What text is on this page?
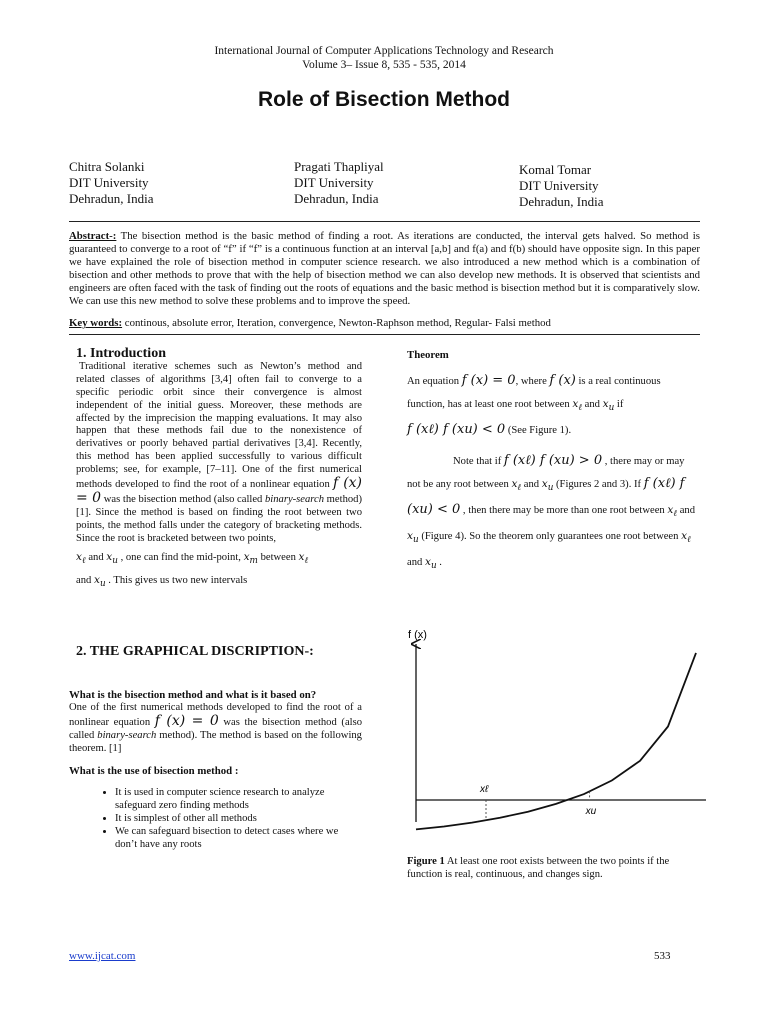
International Journal of Computer Applications Technology and Research
Volume 3– Issue 8, 535 - 535, 2014
Role of Bisection Method
Chitra Solanki
DIT University
Dehradun, India
Pragati Thapliyal
DIT University
Dehradun, India
Komal Tomar
DIT University
Dehradun, India
Abstract-: The bisection method is the basic method of finding a root. As iterations are conducted, the interval gets halved. So method is guaranteed to converge to a root of “f” if “f” is a continuous function at an interval [a,b] and f(a) and f(b) should have opposite sign. In this paper we have explained the role of bisection method in computer science research. we also introduced a new method which is a combination of bisection and other methods to prove that with the help of bisection method we can also develop new methods. It is observed that scientists and engineers are often faced with the task of finding out the roots of equations and the basic method is bisection method but it is comparatively slow. We can use this new method to solve these problems and to improve the speed.
Key words: continous, absolute error, Iteration, convergence, Newton-Raphson method, Regular- Falsi method
1. Introduction
Traditional iterative schemes such as Newton’s method and related classes of algorithms [3,4] often fail to converge to a specific periodic orbit since their convergence is almost independent of the initial guess. Moreover, these methods are affected by the imprecision the mapping evaluations. It may also happen that these methods fail due to the nonexistence of derivatives or poorly behaved partial derivatives [3,4]. Recently, this method has been applied successfully to various difficult problems; see, for example, [7–11]. One of the first numerical methods developed to find the root of a nonlinear equation f (x) = 0 was the bisection method (also called binary-search method)[1]. Since the method is based on finding the root between two points, the method falls under the category of bracketing methods. Since the root is bracketed between two points,
$x_\ell$ and $x_u$ , one can find the mid-point, $x_m$ between $x_\ell$
and $x_u$ . This gives us two new intervals
2. THE GRAPHICAL DISCRIPTION-:
What is the bisection method and what is it based on?
One of the first numerical methods developed to find the root of a nonlinear equation f (x) = 0 was the bisection method (also called binary-search method). The method is based on the following theorem. [1]
What is the use of bisection method :
• It is used in computer science research to analyze safeguard zero finding methods
• It is simplest of other all methods
• We can safeguard bisection to detect cases where we don’t have any roots
Theorem
An equation f (x) = 0, where f (x) is a real continuous function, has at least one root between $x_\ell$ and $x_u$ if
f (xℓ) f (xu) < 0 (See Figure 1).
Note that if f (xℓ) f (xu) > 0 , there may or may not be any root between $x_\ell$ and $x_u$ (Figures 2 and 3). If f (xℓ) f (xu) < 0 , then there may be more than one root between $x_\ell$ and $x_u$ (Figure 4). So the theorem only guarantees one root between $x_\ell$ and $x_u$ .
f (x)
xℓ
xu
Figure 1 At least one root exists between the two points if the function is real, continuous, and changes sign.
www.ijcat.com	533
